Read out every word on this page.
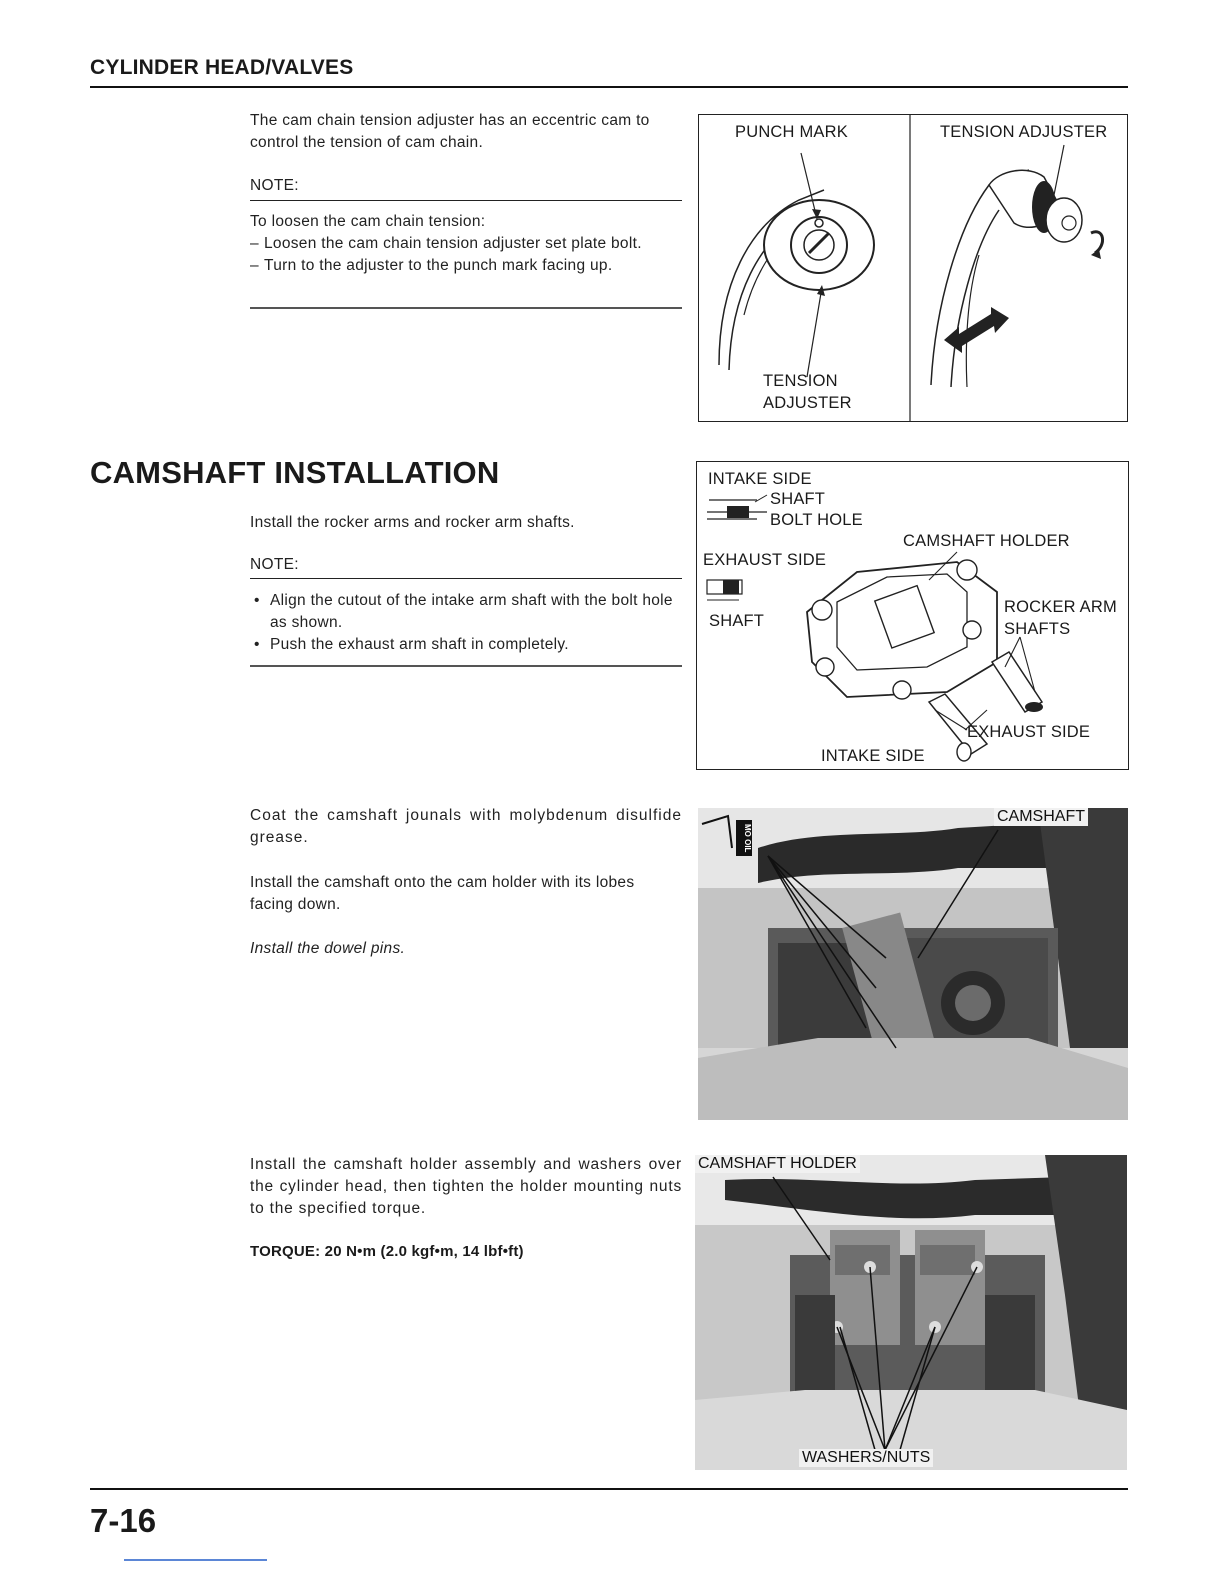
CYLINDER HEAD/VALVES
The cam chain tension adjuster has an eccentric cam to control the tension of cam chain.
NOTE:
To loosen the cam chain tension:
– Loosen the cam chain tension adjuster set plate bolt.
– Turn to the adjuster to the punch mark facing up.
PUNCH MARK
TENSION
ADJUSTER
TENSION ADJUSTER
CAMSHAFT INSTALLATION
Install the rocker arms and rocker arm shafts.
NOTE:
• Align the cutout of the intake arm shaft with the bolt hole as shown.
• Push the exhaust arm shaft in completely.
INTAKE SIDE
SHAFT
BOLT HOLE
EXHAUST SIDE
SHAFT
CAMSHAFT HOLDER
ROCKER ARM
SHAFTS
EXHAUST SIDE
INTAKE SIDE
Coat the camshaft jounals with molybdenum disulfide grease.
Install the camshaft onto the cam holder with its lobes facing down.
Install the dowel pins.
CAMSHAFT
MO OIL
Install the camshaft holder assembly and washers over the cylinder head, then tighten the holder mounting nuts to the specified torque.
TORQUE: 20 N•m (2.0 kgf•m, 14 lbf•ft)
CAMSHAFT HOLDER
WASHERS/NUTS
7-16
